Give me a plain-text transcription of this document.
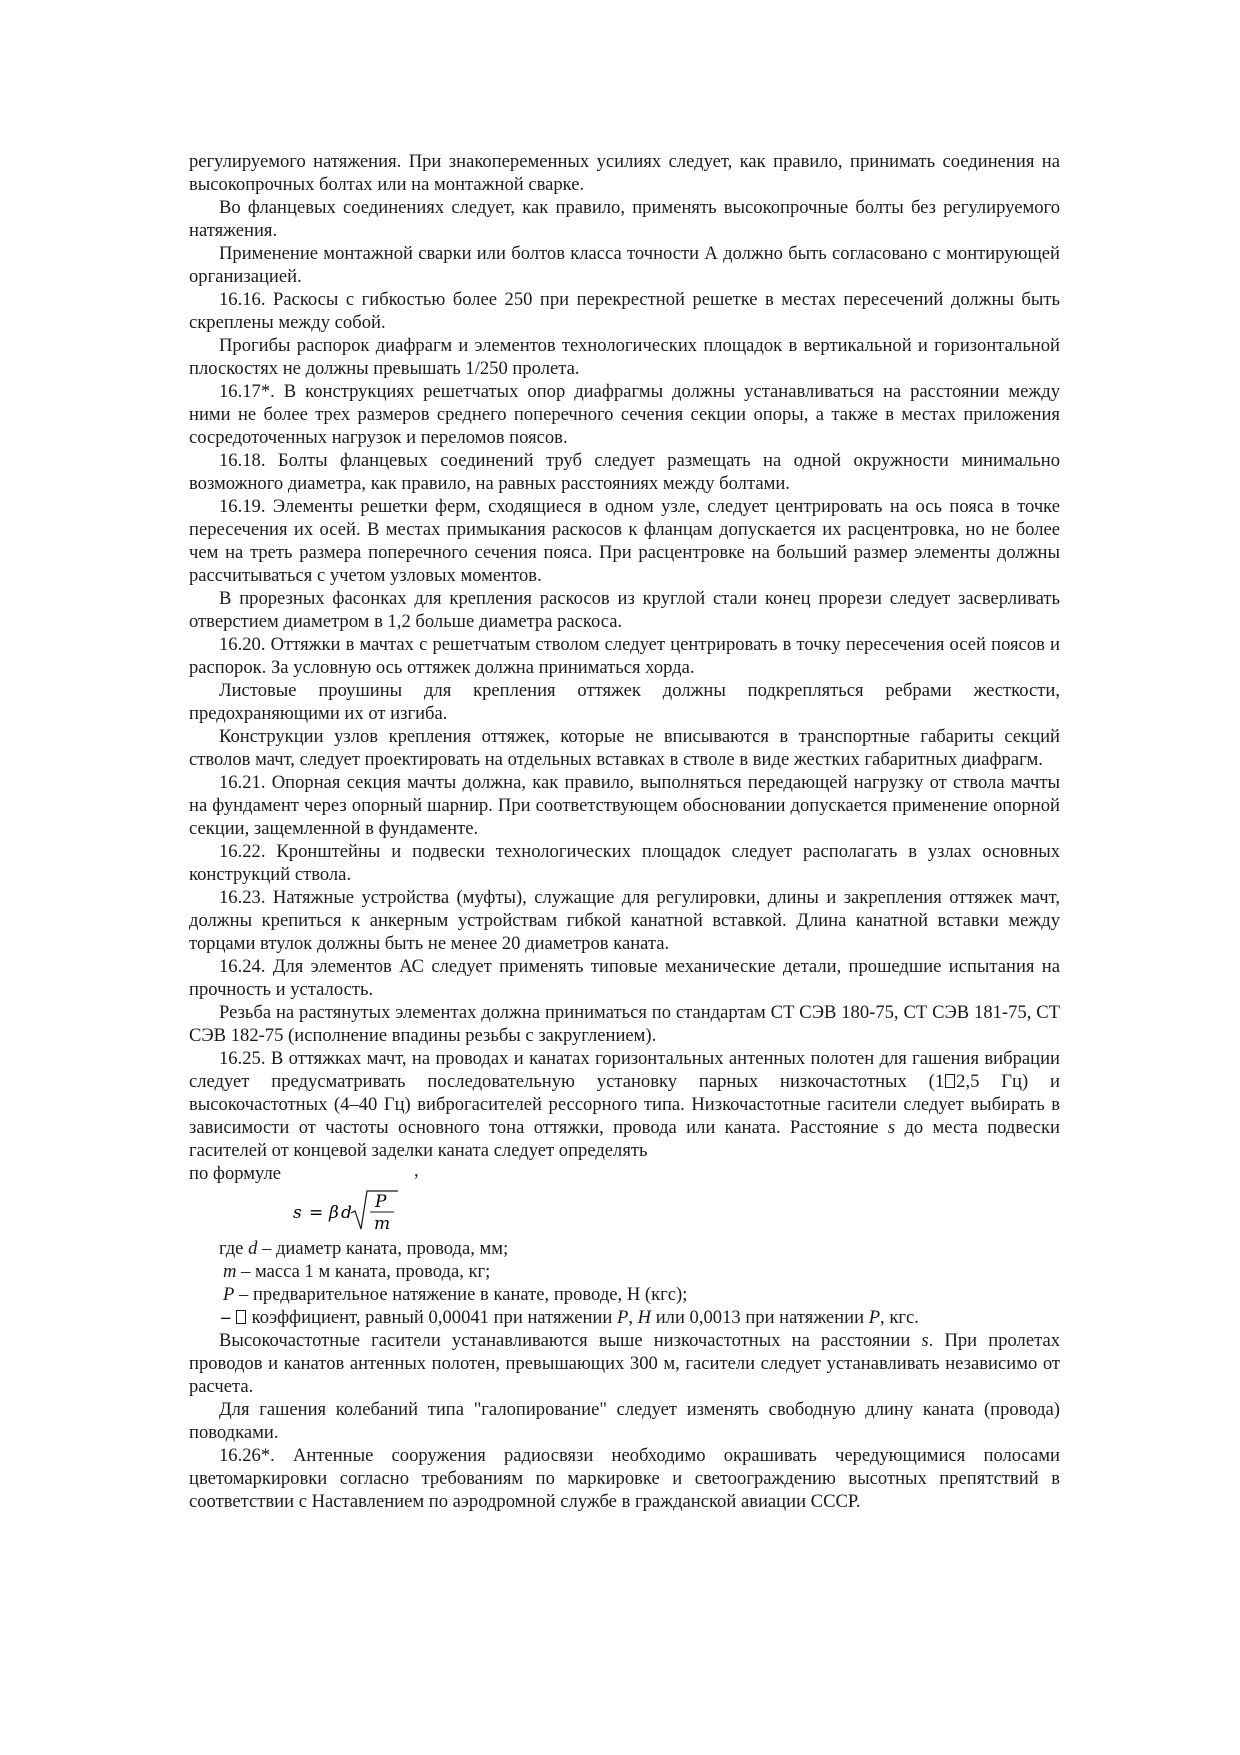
регулируемого натяжения. При знакопеременных усилиях следует, как правило, принимать соединения на высокопрочных болтах или на монтажной сварке.

Во фланцевых соединениях следует, как правило, применять высокопрочные болты без регулируемого натяжения.

Применение монтажной сварки или болтов класса точности А должно быть согласовано с монтирующей организацией.

16.16. Раскосы с гибкостью более 250 при перекрестной решетке в местах пересечений должны быть скреплены между собой.

Прогибы распорок диафрагм и элементов технологических площадок в вертикальной и горизонтальной плоскостях не должны превышать 1/250 пролета.

16.17*. В конструкциях решетчатых опор диафрагмы должны устанавливаться на расстоянии между ними не более трех размеров среднего поперечного сечения секции опоры, а также в местах приложения сосредоточенных нагрузок и переломов поясов.

16.18. Болты фланцевых соединений труб следует размещать на одной окружности минимально возможного диаметра, как правило, на равных расстояниях между болтами.

16.19. Элементы решетки ферм, сходящиеся в одном узле, следует центрировать на ось пояса в точке пересечения их осей. В местах примыкания раскосов к фланцам допускается их расцентровка, но не более чем на треть размера поперечного сечения пояса. При расцентровке на больший размер элементы должны рассчитываться с учетом узловых моментов.

В прорезных фасонках для крепления раскосов из круглой стали конец прорези следует засверливать отверстием диаметром в 1,2 больше диаметра раскоса.

16.20. Оттяжки в мачтах с решетчатым стволом следует центрировать в точку пересечения осей поясов и распорок. За условную ось оттяжек должна приниматься хорда.

Листовые проушины для крепления оттяжек должны подкрепляться ребрами жесткости, предохраняющими их от изгиба.

Конструкции узлов крепления оттяжек, которые не вписываются в транспортные габариты секций стволов мачт, следует проектировать на отдельных вставках в стволе в виде жестких габаритных диафрагм.

16.21. Опорная секция мачты должна, как правило, выполняться передающей нагрузку от ствола мачты на фундамент через опорный шарнир. При соответствующем обосновании допускается применение опорной секции, защемленной в фундаменте.

16.22. Кронштейны и подвески технологических площадок следует располагать в узлах основных конструкций ствола.

16.23. Натяжные устройства (муфты), служащие для регулировки, длины и закрепления оттяжек мачт, должны крепиться к анкерным устройствам гибкой канатной вставкой. Длина канатной вставки между торцами втулок должны быть не менее 20 диаметров каната.

16.24. Для элементов АС следует применять типовые механические детали, прошедшие испытания на прочность и усталость.

Резьба на растянутых элементах должна приниматься по стандартам СТ СЭВ 180-75, СТ СЭВ 181-75, СТ СЭВ 182-75 (исполнение впадины резьбы с закруглением).

16.25. В оттяжках мачт, на проводах и канатах горизонтальных антенных полотен для гашения вибрации следует предусматривать последовательную установку парных низкочастотных (1 2,5 Гц) и высокочастотных (4–40 Гц) виброгасителей рессорного типа. Низкочастотные гасители следует выбирать в зависимости от частоты основного тона оттяжки, провода или каната. Расстояние s до места подвески гасителей от концевой заделки каната следует определять

по формуле	,
s = β d
P
m

где d – диаметр каната, провода, мм;

m – масса 1 м каната, провода, кг;

P – предварительное натяжение в канате, проводе, Н (кгс);

– коэффициент, равный 0,00041 при натяжении P, Н или 0,0013 при натяжении P, кгс.

Высокочастотные гасители устанавливаются выше низкочастотных на расстоянии s. При пролетах проводов и канатов антенных полотен, превышающих 300 м, гасители следует устанавливать независимо от расчета.

Для гашения колебаний типа "галопирование" следует изменять свободную длину каната (провода) поводками.

16.26*. Антенные сооружения радиосвязи необходимо окрашивать чередующимися полосами цветомаркировки согласно требованиям по маркировке и светоограждению высотных препятствий в соответствии с Наставлением по аэродромной службе в гражданской авиации СССР.
